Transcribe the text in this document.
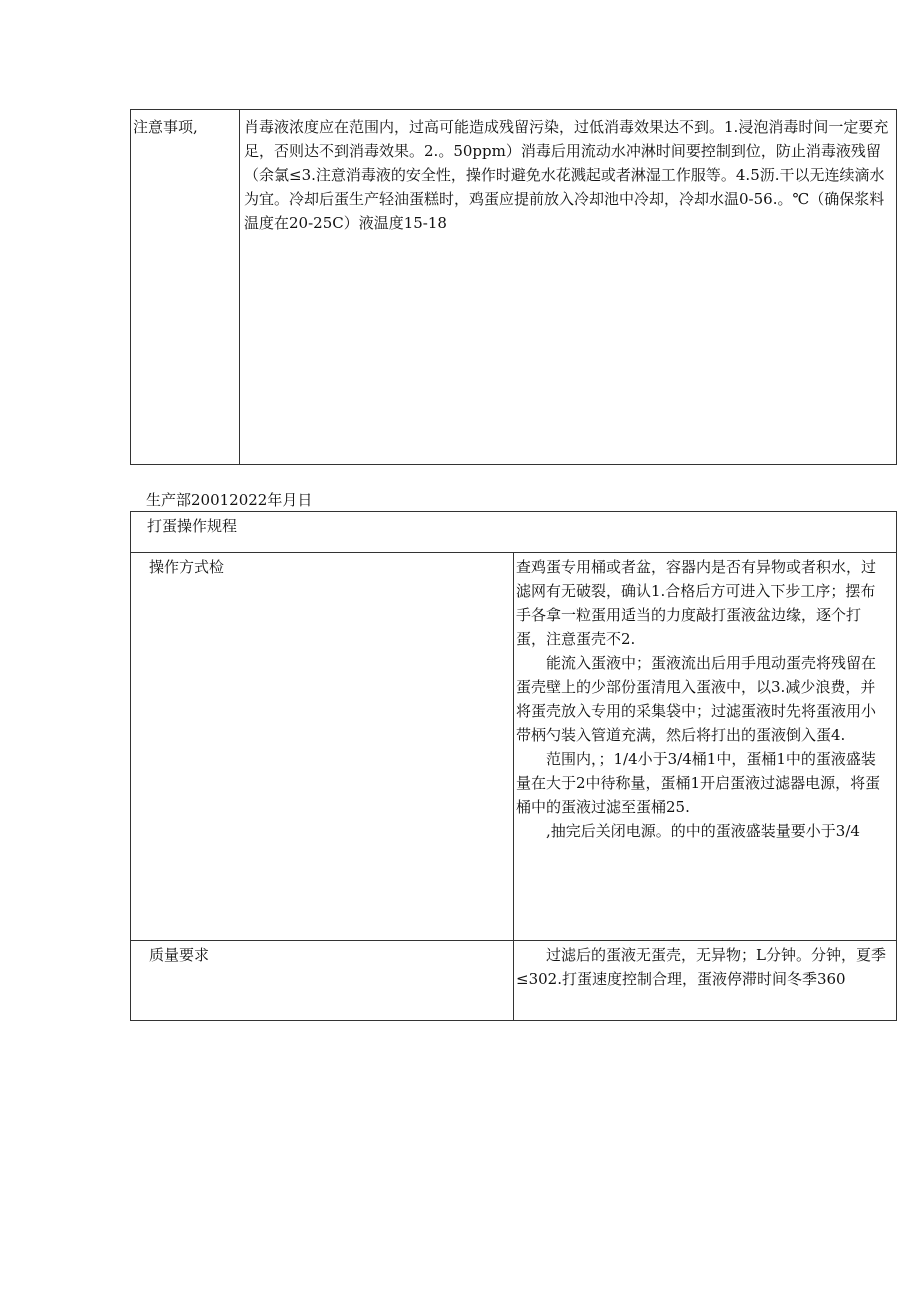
注意事项,	肖毒液浓度应在范围内，过高可能造成残留污染，过低消毒效果达不到。1.浸泡消毒时间一定要充足，否则达不到消毒效果。2.。50ppm）消毒后用流动水冲淋时间要控制到位，防止消毒液残留（余氯≤3.注意消毒液的安全性，操作时避免水花溅起或者淋湿工作服等。4.5沥.干以无连续滴水为宜。冷却后蛋生产轻油蛋糕时，鸡蛋应提前放入冷却池中冷却，冷却水温0-56.。℃（确保浆料温度在20-25C）液温度15-18
生产部20012022年月日
打蛋操作规程	
操作方式检	查鸡蛋专用桶或者盆，容器内是否有异物或者积水，过滤网有无破裂，确认1.合格后方可进入下步工序；摆布手各拿一粒蛋用适当的力度敲打蛋液盆边缘，逐个打蛋，注意蛋壳不2.

能流入蛋液中；蛋液流出后用手甩动蛋壳将残留在蛋壳壁上的少部份蛋清甩入蛋液中，以3.减少浪费，并将蛋壳放入专用的采集袋中；过滤蛋液时先将蛋液用小带柄勺装入管道充满，然后将打出的蛋液倒入蛋4.

范围内，；1/4小于3/4桶1中，蛋桶1中的蛋液盛装量在大于2中待称量，蛋桶1开启蛋液过滤器电源，将蛋桶中的蛋液过滤至蛋桶25.

,抽完后关闭电源。的中的蛋液盛装量要小于3/4

质量要求	过滤后的蛋液无蛋壳，无异物；L分钟。分钟，夏季≤302.打蛋速度控制合理，蛋液停滞时间冬季360
